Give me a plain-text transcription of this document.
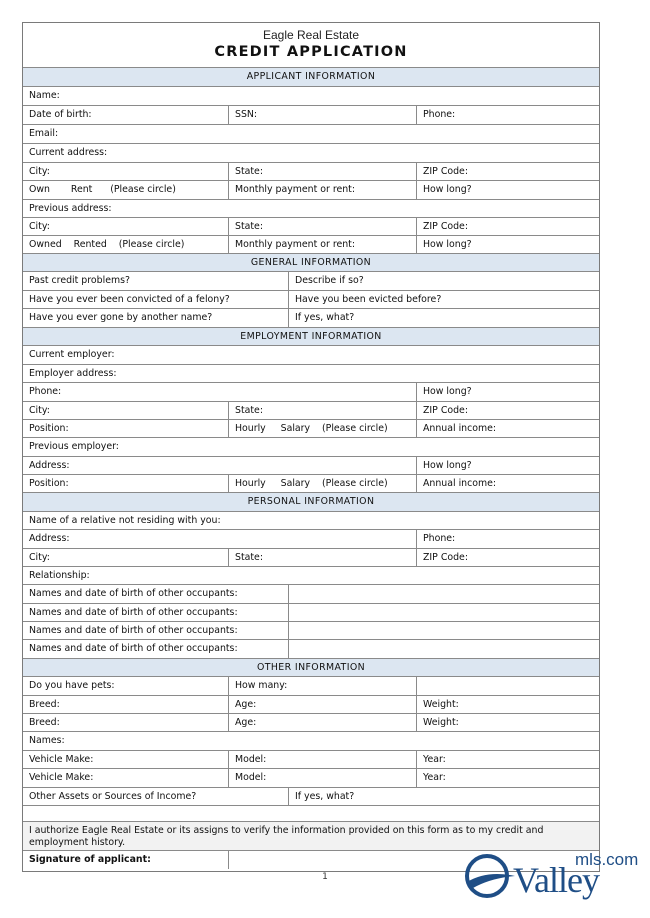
Eagle Real Estate
CREDIT APPLICATION
APPLICANT INFORMATION
Name:
Date of birth:	SSN:	Phone:
Email:
Current address:
City:	State:	ZIP Code:
Own       Rent      (Please circle)	Monthly payment or rent:	How long?
Previous address:
City:	State:	ZIP Code:
Owned    Rented    (Please circle)	Monthly payment or rent:	How long?
GENERAL INFORMATION
Past credit problems?	Describe if so?
Have you ever been convicted of a felony?	Have you been evicted before?
Have you ever gone by another name?	If yes, what?
EMPLOYMENT INFORMATION
Current employer:
Employer address:
Phone:	How long?
City:	State:	ZIP Code:
Position:	Hourly     Salary    (Please circle)	Annual income:
Previous employer:
Address:	How long?
Position:	Hourly     Salary    (Please circle)	Annual income:
PERSONAL INFORMATION
Name of a relative not residing with you:
Address:	Phone:
City:	State:	ZIP Code:
Relationship:
Names and date of birth of other occupants:
Names and date of birth of other occupants:
Names and date of birth of other occupants:
Names and date of birth of other occupants:
OTHER INFORMATION
Do you have pets:	How many:
Breed:	Age:	Weight:
Breed:	Age:	Weight:
Names:
Vehicle Make:	Model:	Year:
Vehicle Make:	Model:	Year:
Other Assets or Sources of Income?	If yes, what?
I authorize Eagle Real Estate or its assigns to verify the information provided on this form as to my credit and employment history.
Signature of applicant:
1
mls.com
Valley
